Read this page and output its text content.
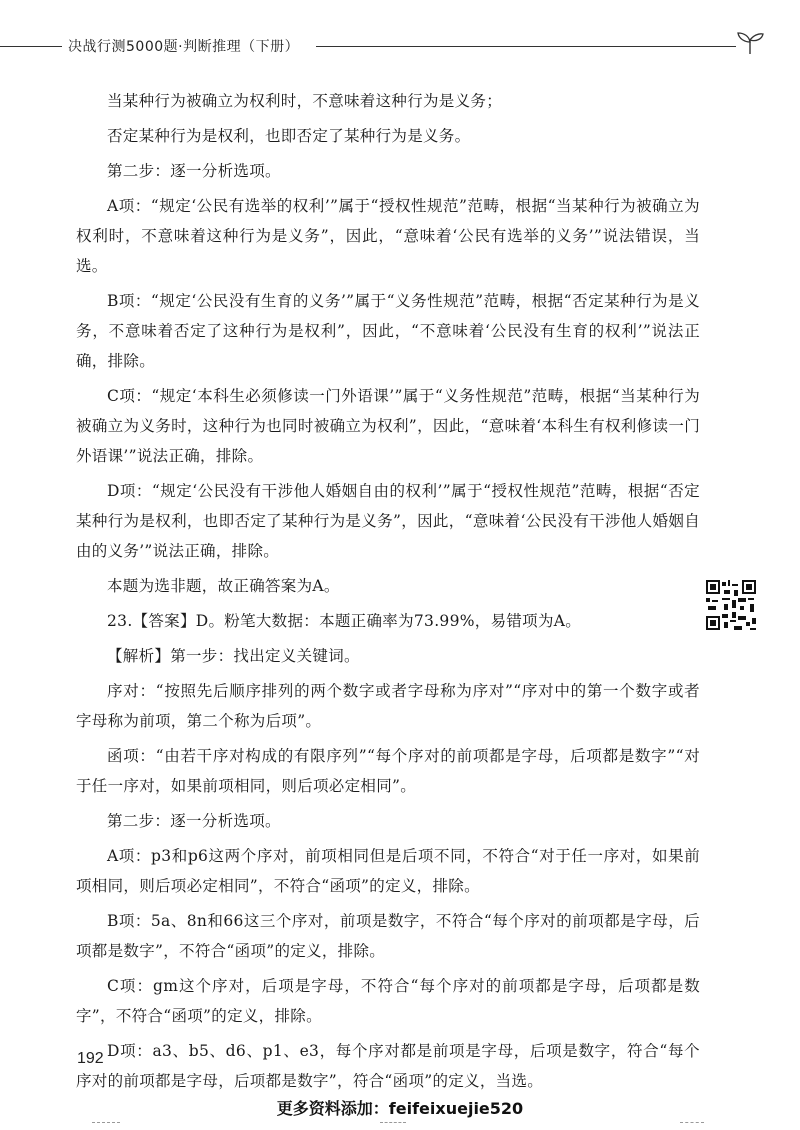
决战行测5000题·判断推理（下册）

当某种行为被确立为权利时，不意味着这种行为是义务；

否定某种行为是权利，也即否定了某种行为是义务。

第二步：逐一分析选项。

A项：“规定‘公民有选举的权利’”属于“授权性规范”范畴，根据“当某种行为被确立为权利时，不意味着这种行为是义务”，因此，“意味着‘公民有选举的义务’”说法错误，当选。

B项：“规定‘公民没有生育的义务’”属于“义务性规范”范畴，根据“否定某种行为是义务，不意味着否定了这种行为是权利”，因此，“不意味着‘公民没有生育的权利’”说法正确，排除。

C项：“规定‘本科生必须修读一门外语课’”属于“义务性规范”范畴，根据“当某种行为被确立为义务时，这种行为也同时被确立为权利”，因此，“意味着‘本科生有权利修读一门外语课’”说法正确，排除。

D项：“规定‘公民没有干涉他人婚姻自由的权利’”属于“授权性规范”范畴，根据“否定某种行为是权利，也即否定了某种行为是义务”，因此，“意味着‘公民没有干涉他人婚姻自由的义务’”说法正确，排除。

本题为选非题，故正确答案为A。

23.【答案】D。粉笔大数据：本题正确率为73.99%，易错项为A。

【解析】第一步：找出定义关键词。

序对：“按照先后顺序排列的两个数字或者字母称为序对”“序对中的第一个数字或者字母称为前项，第二个称为后项”。

函项：“由若干序对构成的有限序列”“每个序对的前项都是字母，后项都是数字”“对于任一序对，如果前项相同，则后项必定相同”。

第二步：逐一分析选项。

A项：p3和p6这两个序对，前项相同但是后项不同，不符合“对于任一序对，如果前项相同，则后项必定相同”，不符合“函项”的定义，排除。

B项：5a、8n和66这三个序对，前项是数字，不符合“每个序对的前项都是字母，后项都是数字”，不符合“函项”的定义，排除。

C项：gm这个序对，后项是字母，不符合“每个序对的前项都是字母，后项都是数字”，不符合“函项”的定义，排除。

D项：a3、b5、d6、p1、e3，每个序对都是前项是字母，后项是数字，符合“每个序对的前项都是字母，后项都是数字”，符合“函项”的定义，当选。

192
更多资料添加：feifeixuejie520
